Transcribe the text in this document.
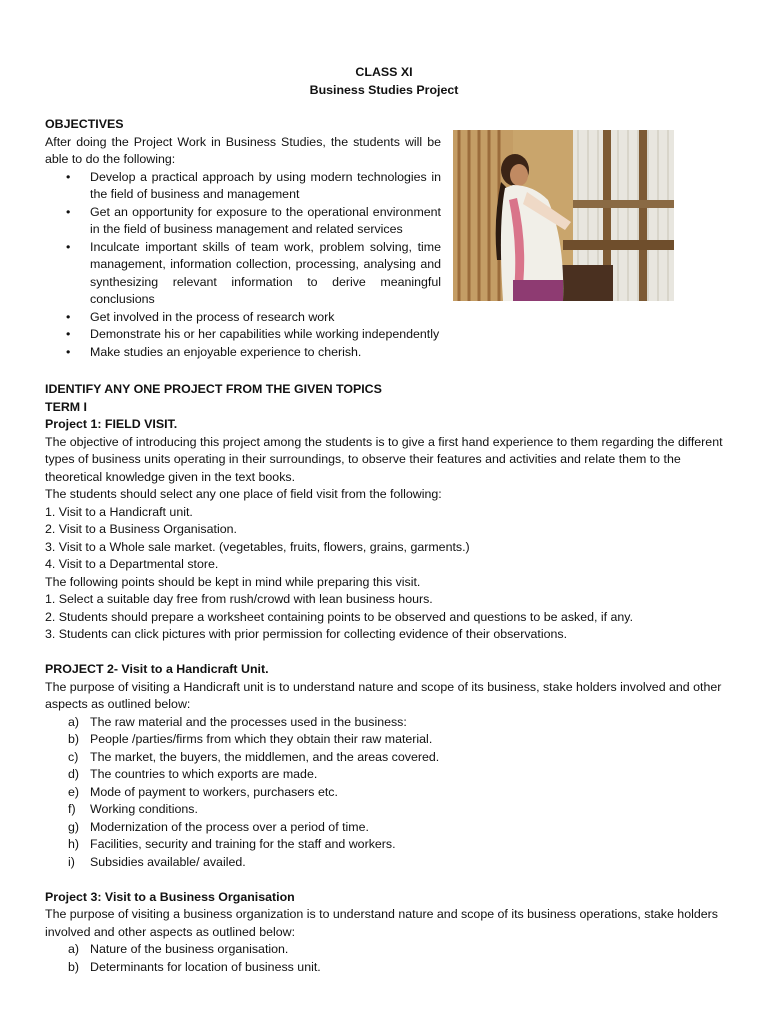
CLASS XI
Business Studies Project
OBJECTIVES
After doing the Project Work in Business Studies, the students will be able to do the following:
• Develop a practical approach by using modern technologies in the field of business and management
• Get an opportunity for exposure to the operational environment in the field of business management and related services
• Inculcate important skills of team work, problem solving, time management, information collection, processing, analysing and synthesizing relevant information to derive meaningful conclusions
• Get involved in the process of research work
• Demonstrate his or her capabilities while working independently
• Make studies an enjoyable experience to cherish.
IDENTIFY ANY ONE PROJECT FROM THE GIVEN TOPICS
TERM I
Project 1: FIELD VISIT.

The objective of introducing this project among the students is to give a first hand experience to them regarding the different types of business units operating in their surroundings, to observe their features and activities and relate them to the theoretical knowledge given in the text books.

The students should select any one place of field visit from the following:

1. Visit to a Handicraft unit.

2. Visit to a Business Organisation.

3. Visit to a Whole sale market. (vegetables, fruits, flowers, grains, garments.)

4. Visit to a Departmental store.

The following points should be kept in mind while preparing this visit.

1. Select a suitable day free from rush/crowd with lean business hours.

2. Students should prepare a worksheet containing points to be observed and questions to be asked, if any.

3. Students can click pictures with prior permission for collecting evidence of their observations.

PROJECT 2- Visit to a Handicraft Unit.

The purpose of visiting a Handicraft unit is to understand nature and scope of its business, stake holders involved and other aspects as outlined below:

a) The raw material and the processes used in the business:
b) People /parties/firms from which they obtain their raw material.
c) The market, the buyers, the middlemen, and the areas covered.
d) The countries to which exports are made.
e) Mode of payment to workers, purchasers etc.
f) Working conditions.
g) Modernization of the process over a period of time.
h) Facilities, security and training for the staff and workers.
i) Subsidies available/ availed.
Project 3: Visit to a Business Organisation

The purpose of visiting a business organization is to understand nature and scope of its business operations, stake holders involved and other aspects as outlined below:

a) Nature of the business organisation.
b) Determinants for location of business unit.
